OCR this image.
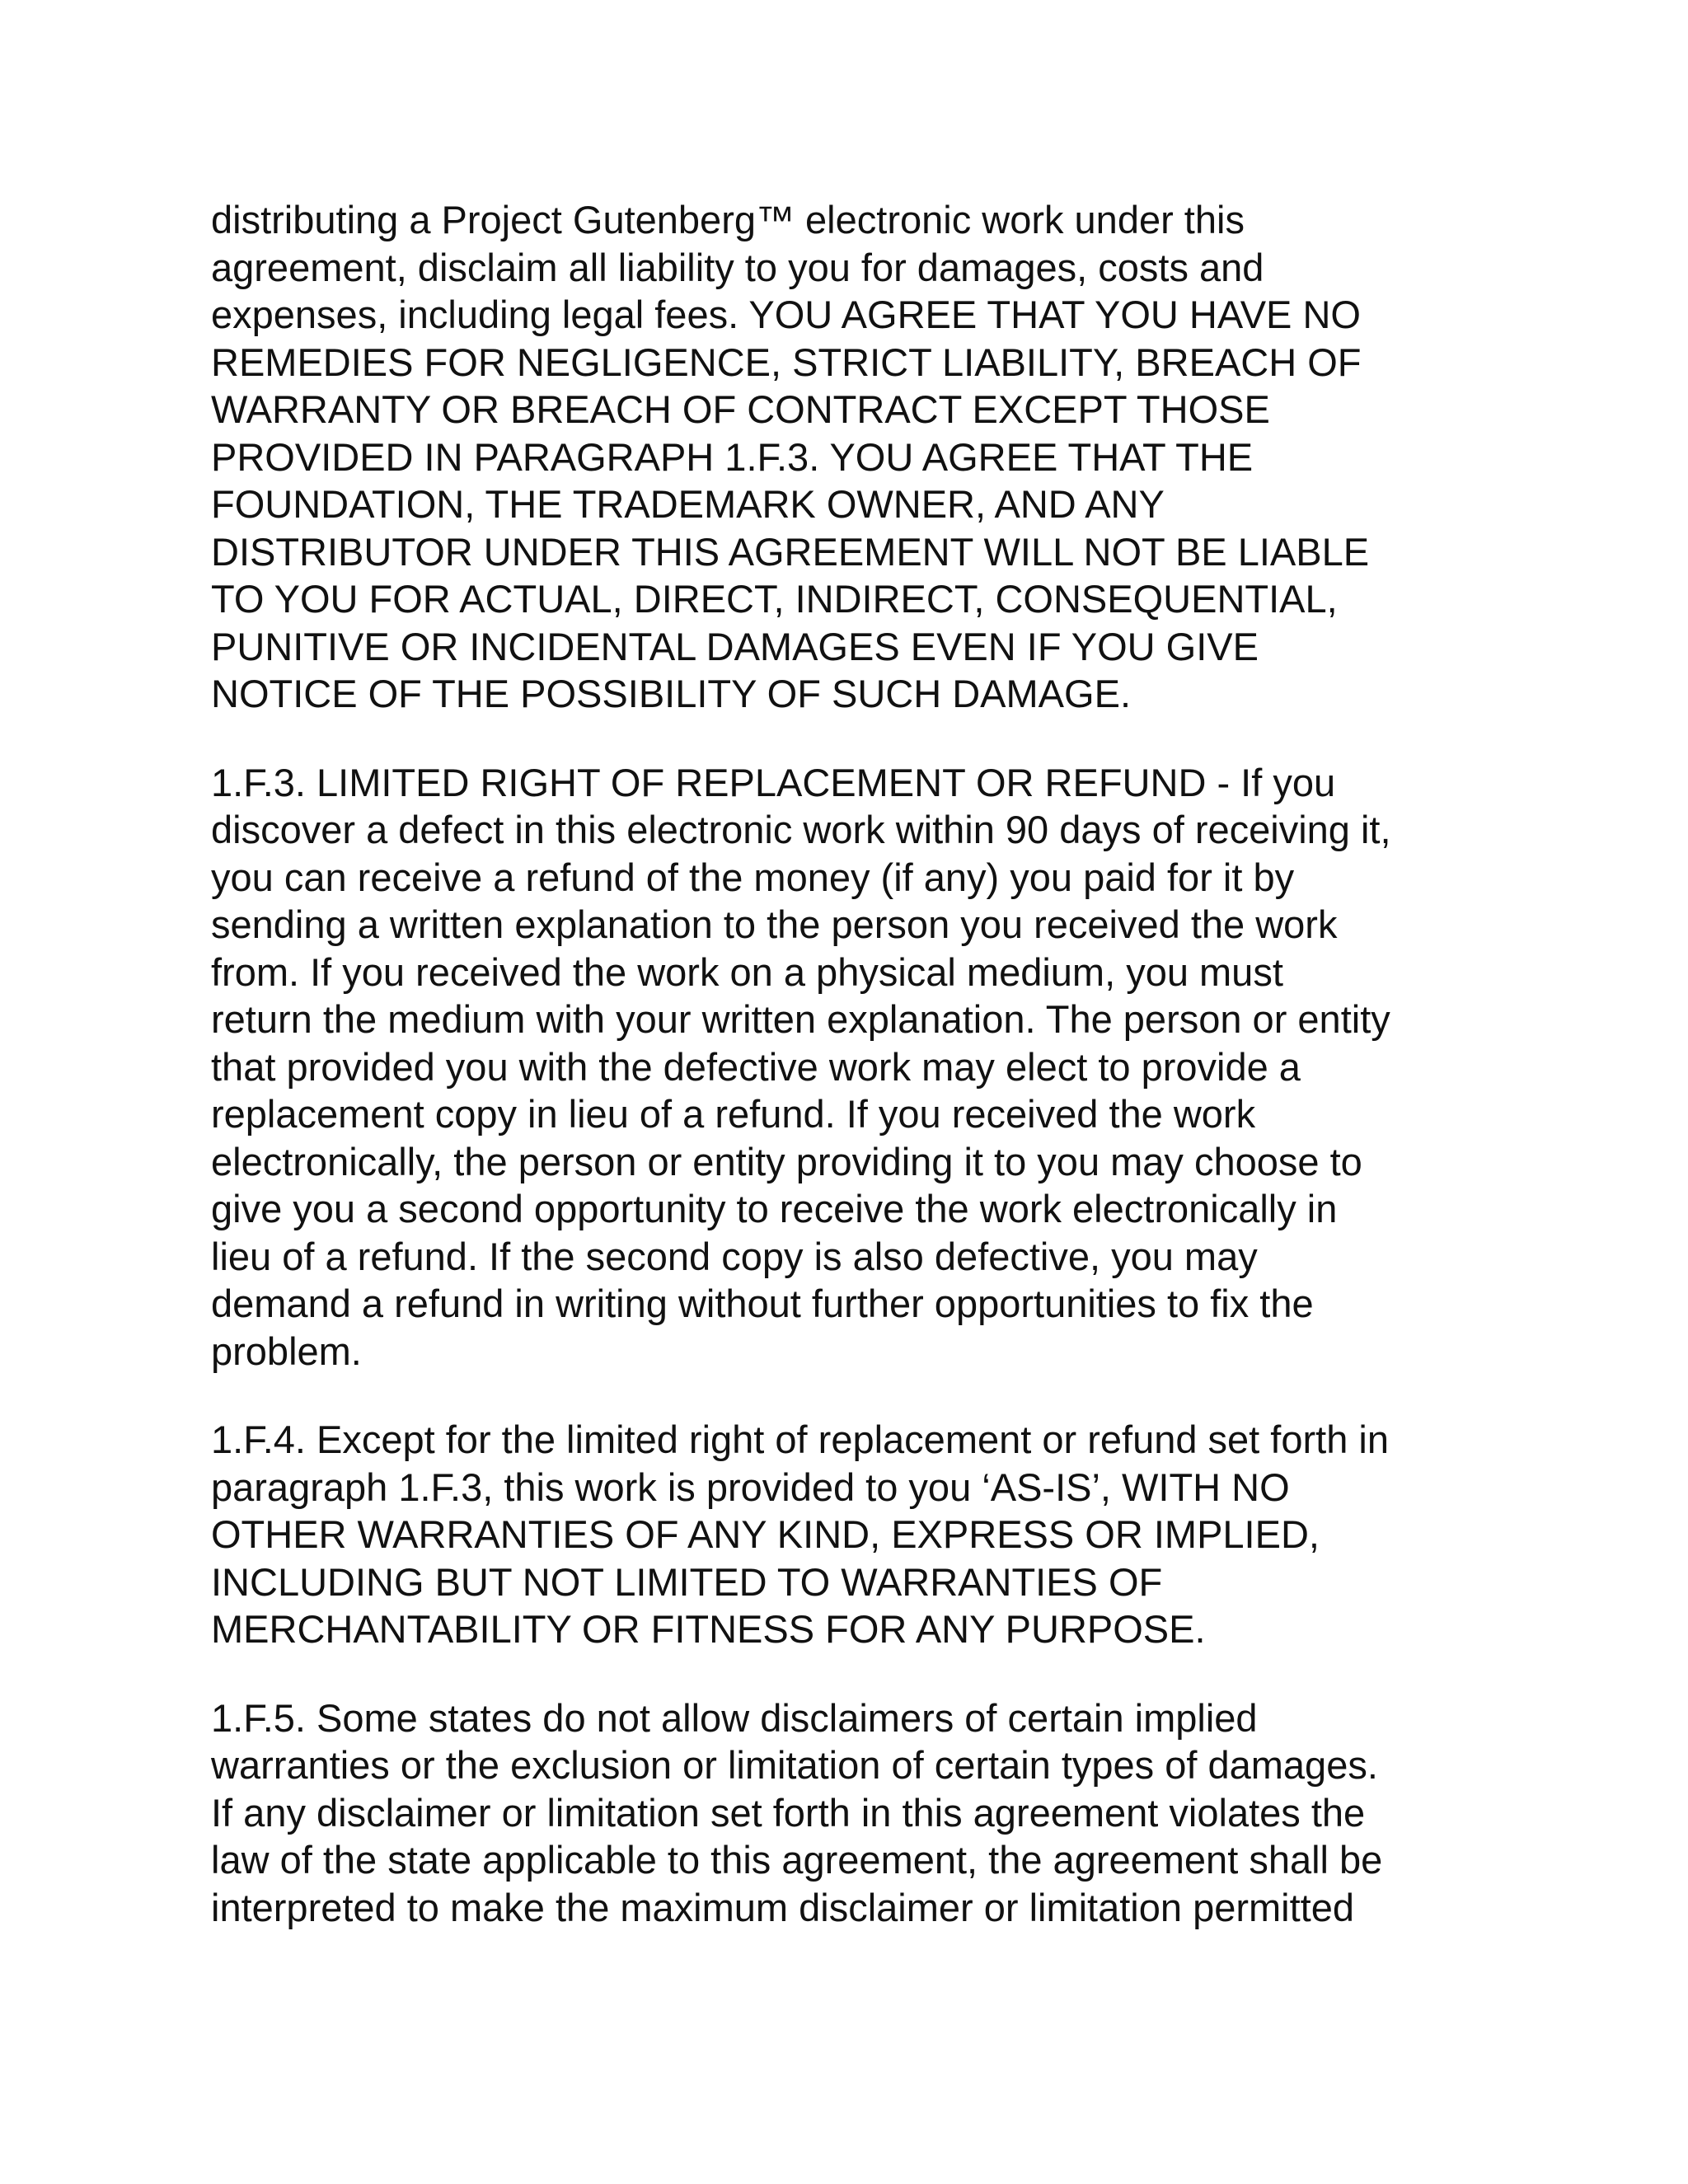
distributing a Project Gutenberg™ electronic work under this
agreement, disclaim all liability to you for damages, costs and
expenses, including legal fees. YOU AGREE THAT YOU HAVE NO
REMEDIES FOR NEGLIGENCE, STRICT LIABILITY, BREACH OF
WARRANTY OR BREACH OF CONTRACT EXCEPT THOSE
PROVIDED IN PARAGRAPH 1.F.3. YOU AGREE THAT THE
FOUNDATION, THE TRADEMARK OWNER, AND ANY
DISTRIBUTOR UNDER THIS AGREEMENT WILL NOT BE LIABLE
TO YOU FOR ACTUAL, DIRECT, INDIRECT, CONSEQUENTIAL,
PUNITIVE OR INCIDENTAL DAMAGES EVEN IF YOU GIVE
NOTICE OF THE POSSIBILITY OF SUCH DAMAGE.

1.F.3. LIMITED RIGHT OF REPLACEMENT OR REFUND - If you
discover a defect in this electronic work within 90 days of receiving it,
you can receive a refund of the money (if any) you paid for it by
sending a written explanation to the person you received the work
from. If you received the work on a physical medium, you must
return the medium with your written explanation. The person or entity
that provided you with the defective work may elect to provide a
replacement copy in lieu of a refund. If you received the work
electronically, the person or entity providing it to you may choose to
give you a second opportunity to receive the work electronically in
lieu of a refund. If the second copy is also defective, you may
demand a refund in writing without further opportunities to fix the
problem.

1.F.4. Except for the limited right of replacement or refund set forth in
paragraph 1.F.3, this work is provided to you ‘AS-IS’, WITH NO
OTHER WARRANTIES OF ANY KIND, EXPRESS OR IMPLIED,
INCLUDING BUT NOT LIMITED TO WARRANTIES OF
MERCHANTABILITY OR FITNESS FOR ANY PURPOSE.

1.F.5. Some states do not allow disclaimers of certain implied
warranties or the exclusion or limitation of certain types of damages.
If any disclaimer or limitation set forth in this agreement violates the
law of the state applicable to this agreement, the agreement shall be
interpreted to make the maximum disclaimer or limitation permitted
